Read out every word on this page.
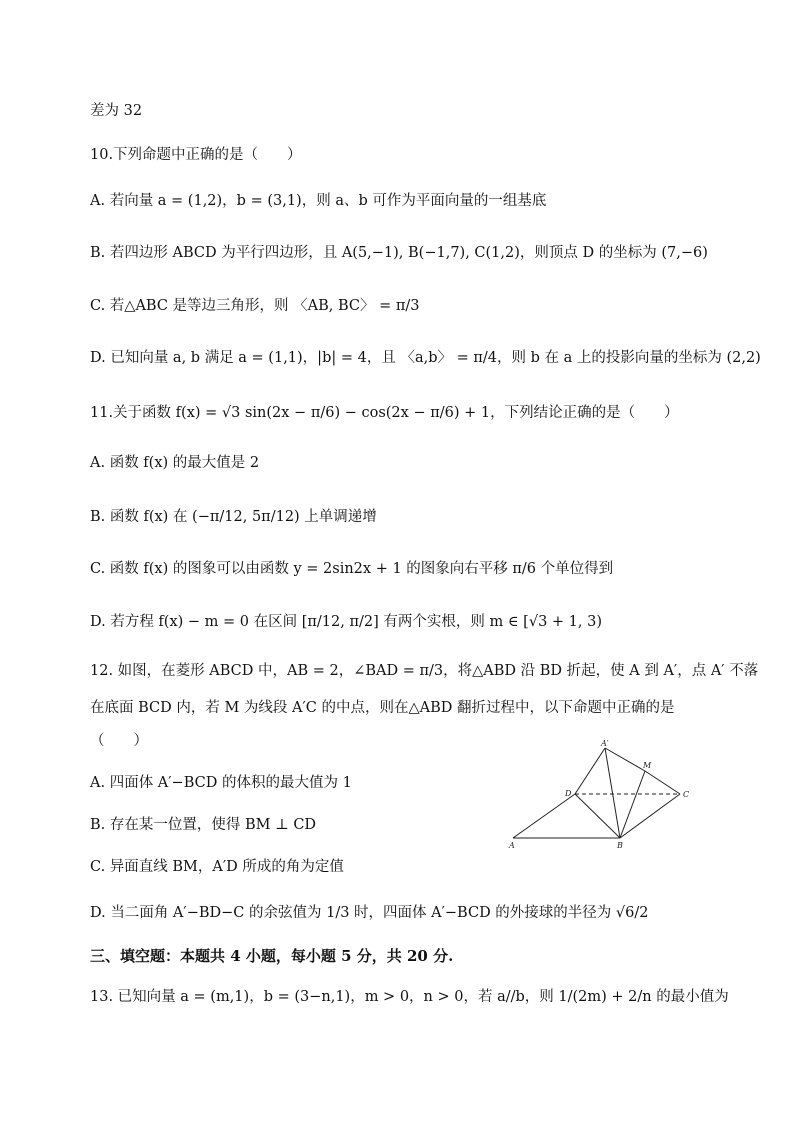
差为 32
10.下列命题中正确的是（　　）
A. 若向量 a = (1,2)，b = (3,1)，则 a、b 可作为平面向量的一组基底
B. 若四边形 ABCD 为平行四边形，且 A(5,−1), B(−1,7), C(1,2)，则顶点 D 的坐标为 (7,−6)
C. 若△ABC 是等边三角形，则 〈AB, BC〉 = π/3
D. 已知向量 a, b 满足 a = (1,1)，|b| = 4，且 〈a,b〉 = π/4，则 b 在 a 上的投影向量的坐标为 (2,2)
11.关于函数 f(x) = √3 sin(2x − π/6) − cos(2x − π/6) + 1，下列结论正确的是（　　）
A. 函数 f(x) 的最大值是 2
B. 函数 f(x) 在 (−π/12, 5π/12) 上单调递增
C. 函数 f(x) 的图象可以由函数 y = 2sin2x + 1 的图象向右平移 π/6 个单位得到
D. 若方程 f(x) − m = 0 在区间 [π/12, π/2] 有两个实根，则 m ∈ [√3 + 1, 3)
12. 如图，在菱形 ABCD 中，AB = 2，∠BAD = π/3，将△ABD 沿 BD 折起，使 A 到 A′，点 A′ 不落
在底面 BCD 内，若 M 为线段 A′C 的中点，则在△ABD 翻折过程中，以下命题中正确的是
（　　）
A. 四面体 A′−BCD 的体积的最大值为 1
B. 存在某一位置，使得 BM ⊥ CD
C. 异面直线 BM，A′D 所成的角为定值
D. 当二面角 A′−BD−C 的余弦值为 1/3 时，四面体 A′−BCD 的外接球的半径为 √6/2
三、填空题：本题共 4 小题，每小题 5 分，共 20 分.
13. 已知向量 a = (m,1)，b = (3−n,1)，m > 0，n > 0，若 a//b，则 1/(2m) + 2/n 的最小值为
A′
M
D	C
A	B
